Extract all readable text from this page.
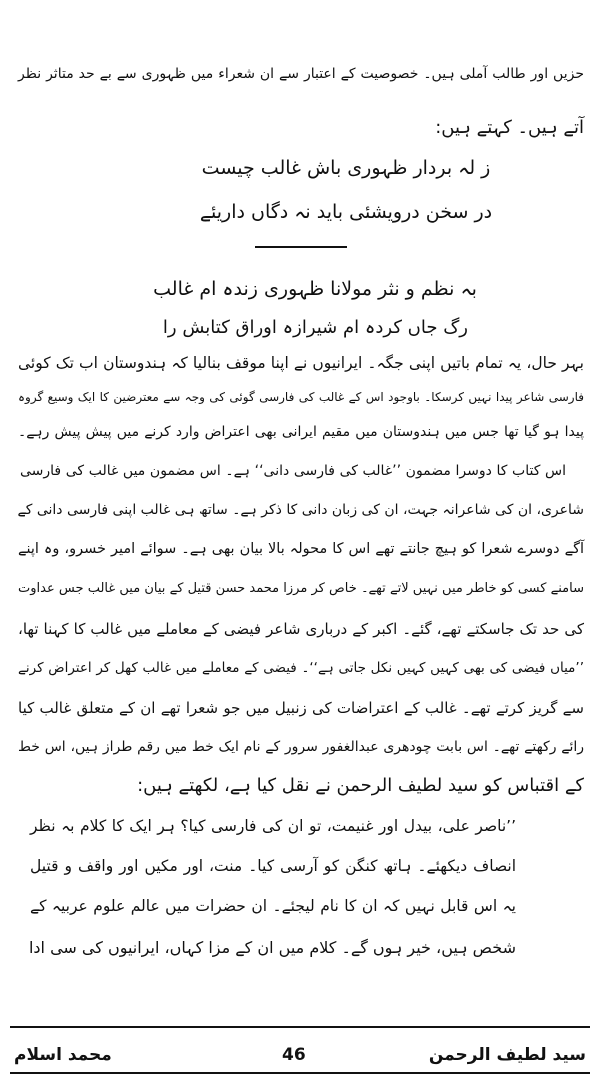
حزیں اور طالب آملی ہیں۔ خصوصیت کے اعتبار سے ان شعراء میں ظہوری سے بے حد متاثر نظر
آتے ہیں۔ کہتے ہیں:
ز لہ بردار ظہوری باش غالب چیست
در سخن درویشئی باید نہ دگاں داریئے
بہ نظم و نثر مولانا ظہوری زندہ ام غالب
رگ جاں کردہ ام شیرازہ اوراق کتابش را
بہر حال، یہ تمام باتیں اپنی جگہ۔ ایرانیوں نے اپنا موقف بنالیا کہ ہندوستان اب تک کوئی
فارسی شاعر پیدا نہیں کرسکا۔ باوجود اس کے غالب کی فارسی گوئی کی وجہ سے معترضین کا ایک وسیع گروہ
پیدا ہو گیا تھا جس میں ہندوستان میں مقیم ایرانی بھی اعتراض وارد کرنے میں پیش پیش رہے۔
اس کتاب کا دوسرا مضمون ’’غالب کی فارسی دانی‘‘ ہے۔ اس مضمون میں غالب کی فارسی
شاعری، ان کی شاعرانہ جہت، ان کی زبان دانی کا ذکر ہے۔ ساتھ ہی غالب اپنی فارسی دانی کے
آگے دوسرے شعرا کو ہیچ جانتے تھے اس کا محولہ بالا بیان بھی ہے۔ سوائے امیر خسرو، وہ اپنے
سامنے کسی کو خاطر میں نہیں لاتے تھے۔ خاص کر مرزا محمد حسن قتیل کے بیان میں غالب جس عداوت
کی حد تک جاسکتے تھے، گئے۔ اکبر کے درباری شاعر فیضی کے معاملے میں غالب کا کہنا تھا،
’’میاں فیضی کی بھی کہیں کہیں نکل جاتی ہے‘‘۔ فیضی کے معاملے میں غالب کھل کر اعتراض کرنے
سے گریز کرتے تھے۔ غالب کے اعتراضات کی زنبیل میں جو شعرا تھے ان کے متعلق غالب کیا
رائے رکھتے تھے۔ اس بابت چودھری عبدالغفور سرور کے نام ایک خط میں رقم طراز ہیں، اس خط
کے اقتباس کو سید لطیف الرحمن نے نقل کیا ہے، لکھتے ہیں:
’’ناصر علی، بیدل اور غنیمت، تو ان کی فارسی کیا؟ ہر ایک کا کلام بہ نظر
انصاف دیکھئے۔ ہاتھ کنگن کو آرسی کیا۔ منت، اور مکیں اور واقف و قتیل
یہ اس قابل نہیں کہ ان کا نام لیجئے۔ ان حضرات میں عالم علوم عربیہ کے
شخص ہیں، خیر ہوں گے۔ کلام میں ان کے مزا کہاں، ایرانیوں کی سی ادا
محمد اسلام	46	سید لطیف الرحمن
